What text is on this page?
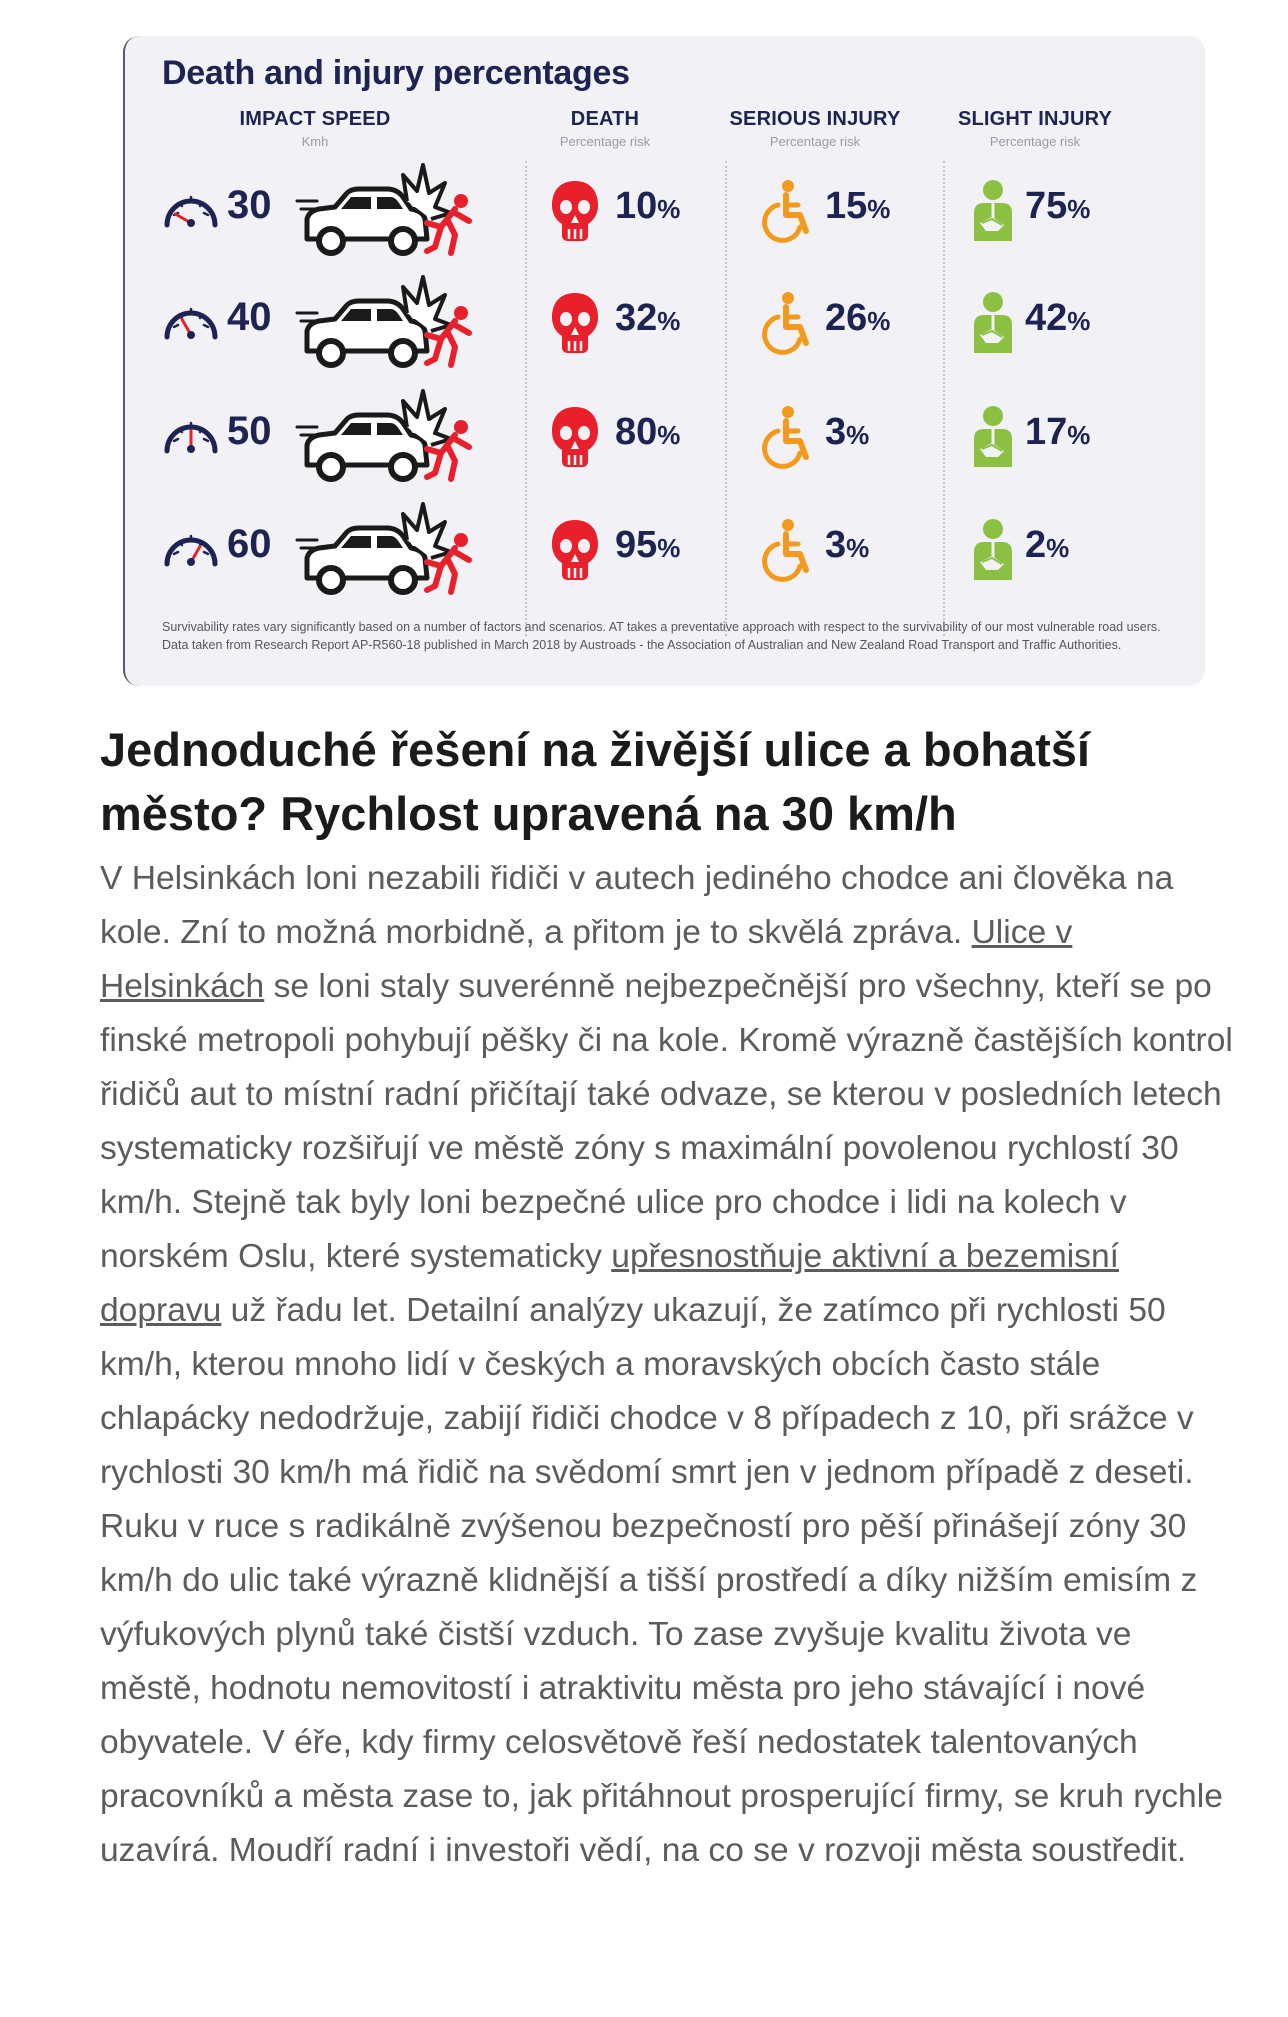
Death and injury percentages
IMPACT SPEED
Kmh
DEATH
Percentage risk
SERIOUS INJURY
Percentage risk
SLIGHT INJURY
Percentage risk
30	10%	15%	75%
40	32%	26%	42%
50	80%	3%	17%
60	95%	3%	2%

Survivability rates vary significantly based on a number of factors and scenarios. AT takes a preventative approach with respect to the survivability of our most vulnerable road users. Data taken from Research Report AP-R560-18 published in March 2018 by Austroads - the Association of Australian and New Zealand Road Transport and Traffic Authorities.

Jednoduché řešení na živější ulice a bohatší město? Rychlost upravená na 30 km/h

V Helsinkách loni nezabili řidiči v autech jediného chodce ani člověka na kole. Zní to možná morbidně, a přitom je to skvělá zpráva. Ulice v Helsinkách se loni staly suverénně nejbezpečnější pro všechny, kteří se po finské metropoli pohybují pěšky či na kole. Kromě výrazně častějších kontrol řidičů aut to místní radní přičítají také odvaze, se kterou v posledních letech systematicky rozšiřují ve městě zóny s maximální povolenou rychlostí 30 km/h. Stejně tak byly loni bezpečné ulice pro chodce i lidi na kolech v norském Oslu, které systematicky upřesnostňuje aktivní a bezemisní dopravu už řadu let. Detailní analýzy ukazují, že zatímco při rychlosti 50 km/h, kterou mnoho lidí v českých a moravských obcích často stále chlapácky nedodržuje, zabijí řidiči chodce v 8 případech z 10, při srážce v rychlosti 30 km/h má řidič na svědomí smrt jen v jednom případě z deseti. Ruku v ruce s radikálně zvýšenou bezpečností pro pěší přinášejí zóny 30 km/h do ulic také výrazně klidnější a tišší prostředí a díky nižším emisím z výfukových plynů také čistší vzduch. To zase zvyšuje kvalitu života ve městě, hodnotu nemovitostí i atraktivitu města pro jeho stávající i nové obyvatele. V éře, kdy firmy celosvětově řeší nedostatek talentovaných pracovníků a města zase to, jak přitáhnout prosperující firmy, se kruh rychle uzavírá. Moudří radní i investoři vědí, na co se v rozvoji města soustředit.
